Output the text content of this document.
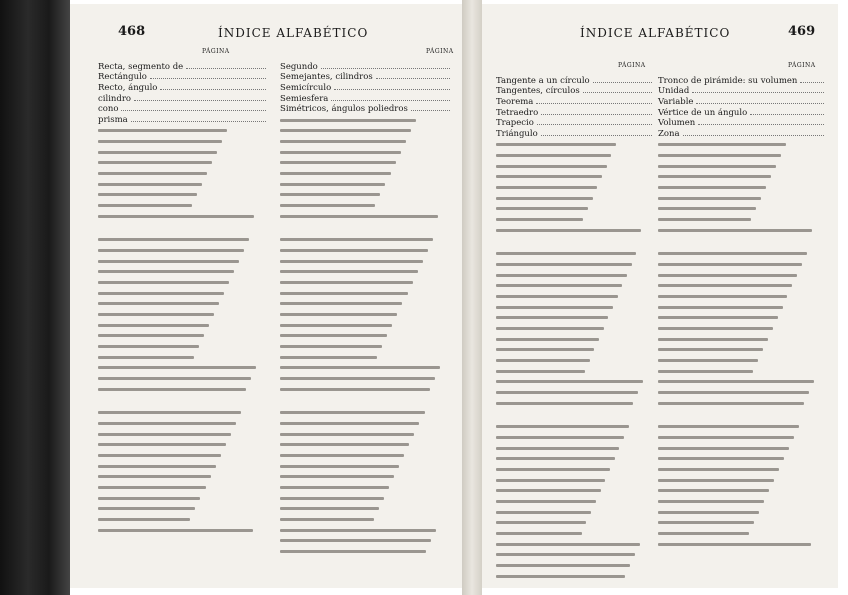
468	ÍNDICE ALFABÉTICO
PÁGINA	PÁGINA
Recta, segmento de
Rectángulo
Recto, ángulo
cilindro
cono
prisma
Segundo
Semejantes, cilindros
Semicírculo
Semiesfera
Simétricos, ángulos poliedros
ÍNDICE ALFABÉTICO	469
PÁGINA	PÁGINA
Tangente a un círculo
Tangentes, círculos
Teorema
Tetraedro
Trapecio
Triángulo
Tronco de pirámide: su volumen
Unidad
Variable
Vértice de un ángulo
Volumen
Zona
